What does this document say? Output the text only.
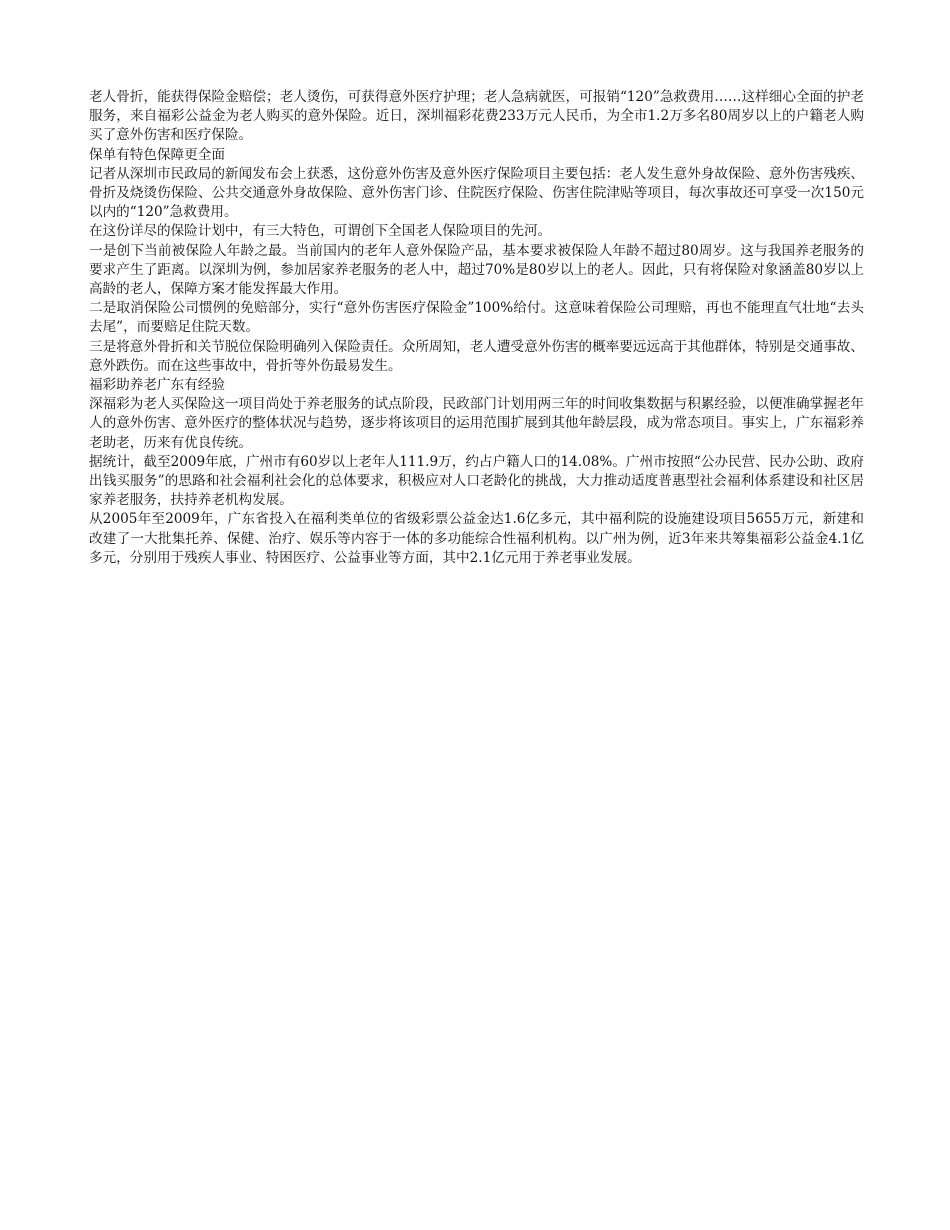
老人骨折，能获得保险金赔偿；老人烫伤，可获得意外医疗护理；老人急病就医，可报销“120”急救费用……这样细心全面的护老服务，来自福彩公益金为老人购买的意外保险。近日，深圳福彩花费233万元人民币，为全市1.2万多名80周岁以上的户籍老人购买了意外伤害和医疗保险。

保单有特色保障更全面

记者从深圳市民政局的新闻发布会上获悉，这份意外伤害及意外医疗保险项目主要包括：老人发生意外身故保险、意外伤害残疾、骨折及烧烫伤保险、公共交通意外身故保险、意外伤害门诊、住院医疗保险、伤害住院津贴等项目，每次事故还可享受一次150元以内的“120”急救费用。

在这份详尽的保险计划中，有三大特色，可谓创下全国老人保险项目的先河。

一是创下当前被保险人年龄之最。当前国内的老年人意外保险产品，基本要求被保险人年龄不超过80周岁。这与我国养老服务的要求产生了距离。以深圳为例，参加居家养老服务的老人中，超过70%是80岁以上的老人。因此，只有将保险对象涵盖80岁以上高龄的老人，保障方案才能发挥最大作用。

二是取消保险公司惯例的免赔部分，实行“意外伤害医疗保险金”100%给付。这意味着保险公司理赔，再也不能理直气壮地“去头去尾”，而要赔足住院天数。

三是将意外骨折和关节脱位保险明确列入保险责任。众所周知，老人遭受意外伤害的概率要远远高于其他群体，特别是交通事故、意外跌伤。而在这些事故中，骨折等外伤最易发生。

福彩助养老广东有经验

深福彩为老人买保险这一项目尚处于养老服务的试点阶段，民政部门计划用两三年的时间收集数据与积累经验，以便准确掌握老年人的意外伤害、意外医疗的整体状况与趋势，逐步将该项目的运用范围扩展到其他年龄层段，成为常态项目。事实上，广东福彩养老助老，历来有优良传统。

据统计，截至2009年底，广州市有60岁以上老年人111.9万，约占户籍人口的14.08%。广州市按照“公办民营、民办公助、政府出钱买服务”的思路和社会福利社会化的总体要求，积极应对人口老龄化的挑战，大力推动适度普惠型社会福利体系建设和社区居家养老服务，扶持养老机构发展。

从2005年至2009年，广东省投入在福利类单位的省级彩票公益金达1.6亿多元，其中福利院的设施建设项目5655万元，新建和改建了一大批集托养、保健、治疗、娱乐等内容于一体的多功能综合性福利机构。以广州为例，近3年来共筹集福彩公益金4.1亿多元，分别用于残疾人事业、特困医疗、公益事业等方面，其中2.1亿元用于养老事业发展。
